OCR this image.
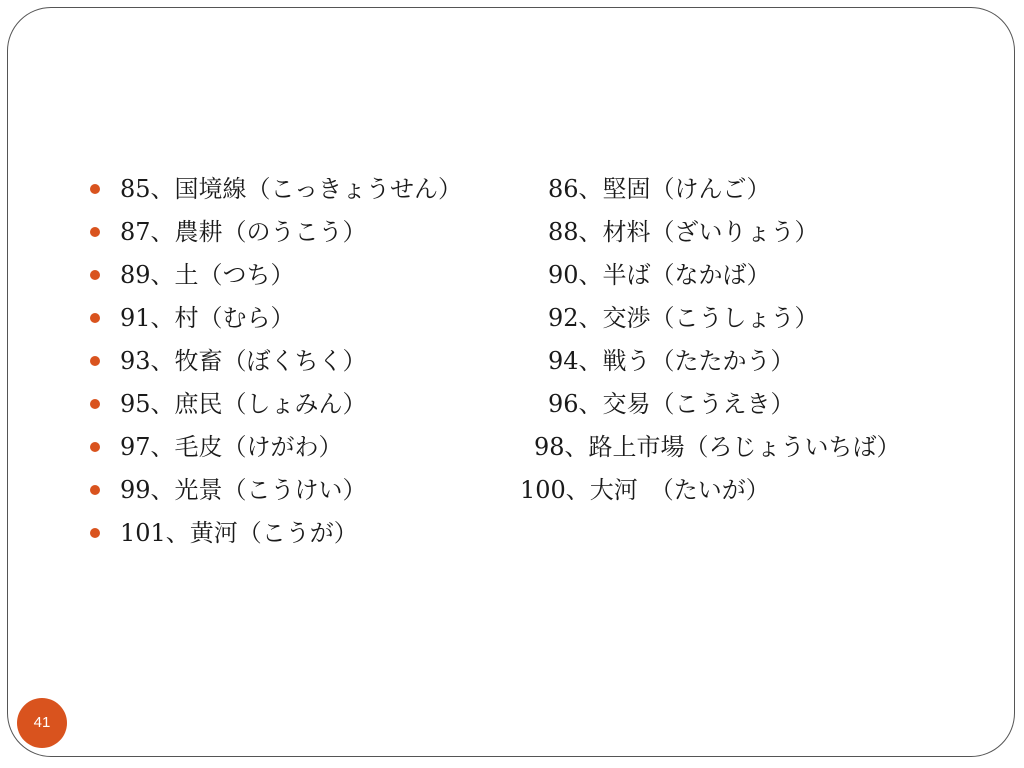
85、国境線（こっきょうせん）	86、堅固（けんご）
87、農耕（のうこう）	88、材料（ざいりょう）
89、土（つち）	90、半ば（なかば）
91、村（むら）	92、交渉（こうしょう）
93、牧畜（ぼくちく）	94、戦う（たたかう）
95、庶民（しょみん）	96、交易（こうえき）
97、毛皮（けがわ）	98、路上市場（ろじょういちば）
99、光景（こうけい）	100、大河　（たいが）
101、黄河（こうが）
41
